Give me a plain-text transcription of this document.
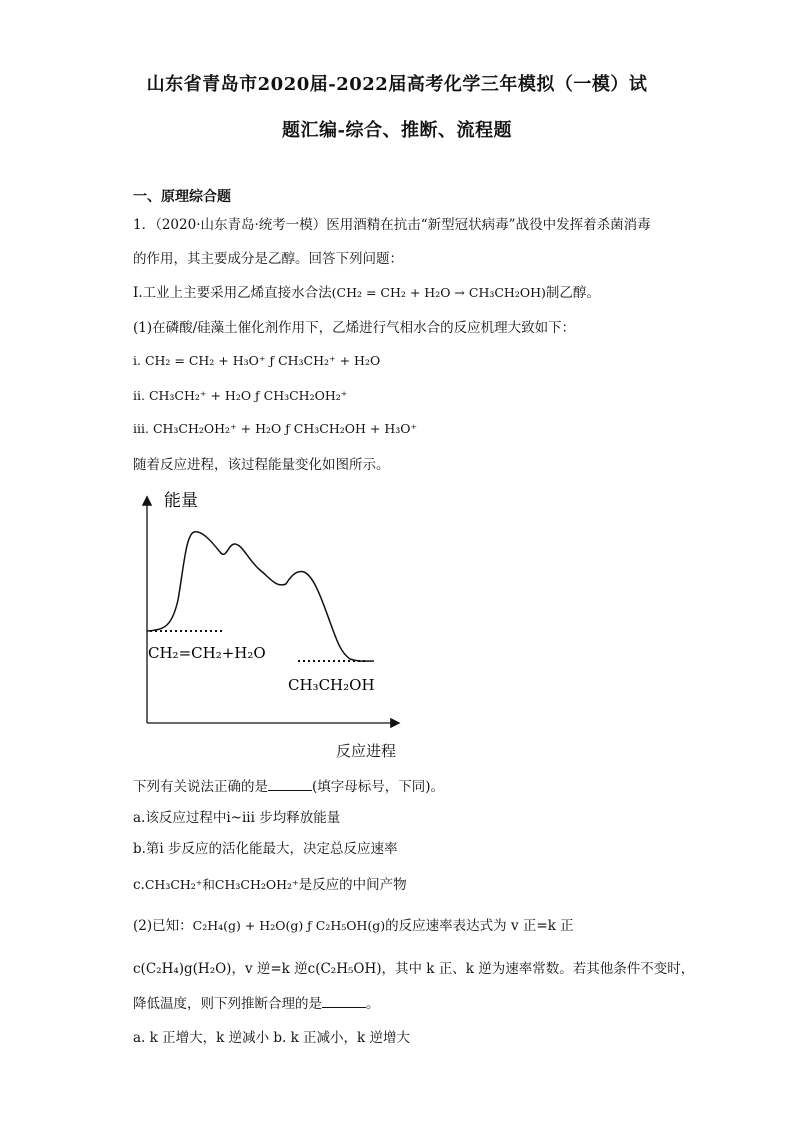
山东省青岛市2020届-2022届高考化学三年模拟（一模）试
题汇编-综合、推断、流程题
一、原理综合题
1．（2020·山东青岛·统考一模）医用酒精在抗击“新型冠状病毒”战役中发挥着杀菌消毒
的作用，其主要成分是乙醇。回答下列问题：
I.工业上主要采用乙烯直接水合法(CH₂ = CH₂ + H₂O → CH₃CH₂OH)制乙醇。
(1)在磷酸/硅藻土催化剂作用下，乙烯进行气相水合的反应机理大致如下：
i. CH₂ = CH₂ + H₃O⁺ ƒ CH₃CH₂⁺ + H₂O
ii. CH₃CH₂⁺ + H₂O ƒ CH₃CH₂OH₂⁺
iii. CH₃CH₂OH₂⁺ + H₂O ƒ CH₃CH₂OH + H₃O⁺
随着反应进程，该过程能量变化如图所示。
能量
CH₂=CH₂+H₂O
CH₃CH₂OH
反应进程
下列有关说法正确的是	(填字母标号，下同)。
a.该反应过程中i~iii 步均释放能量
b.第i 步反应的活化能最大，决定总反应速率
c.CH₃CH₂⁺和CH₃CH₂OH₂⁺是反应的中间产物
(2)已知：C₂H₄(g) + H₂O(g) ƒ C₂H₅OH(g)的反应速率表达式为 v 正=k 正
c(C₂H₄)g(H₂O)，v 逆=k 逆c(C₂H₅OH)，其中 k 正、k 逆为速率常数。若其他条件不变时，
降低温度，则下列推断合理的是	。
a. k 正增大，k 逆减小 b. k 正减小，k 逆增大
